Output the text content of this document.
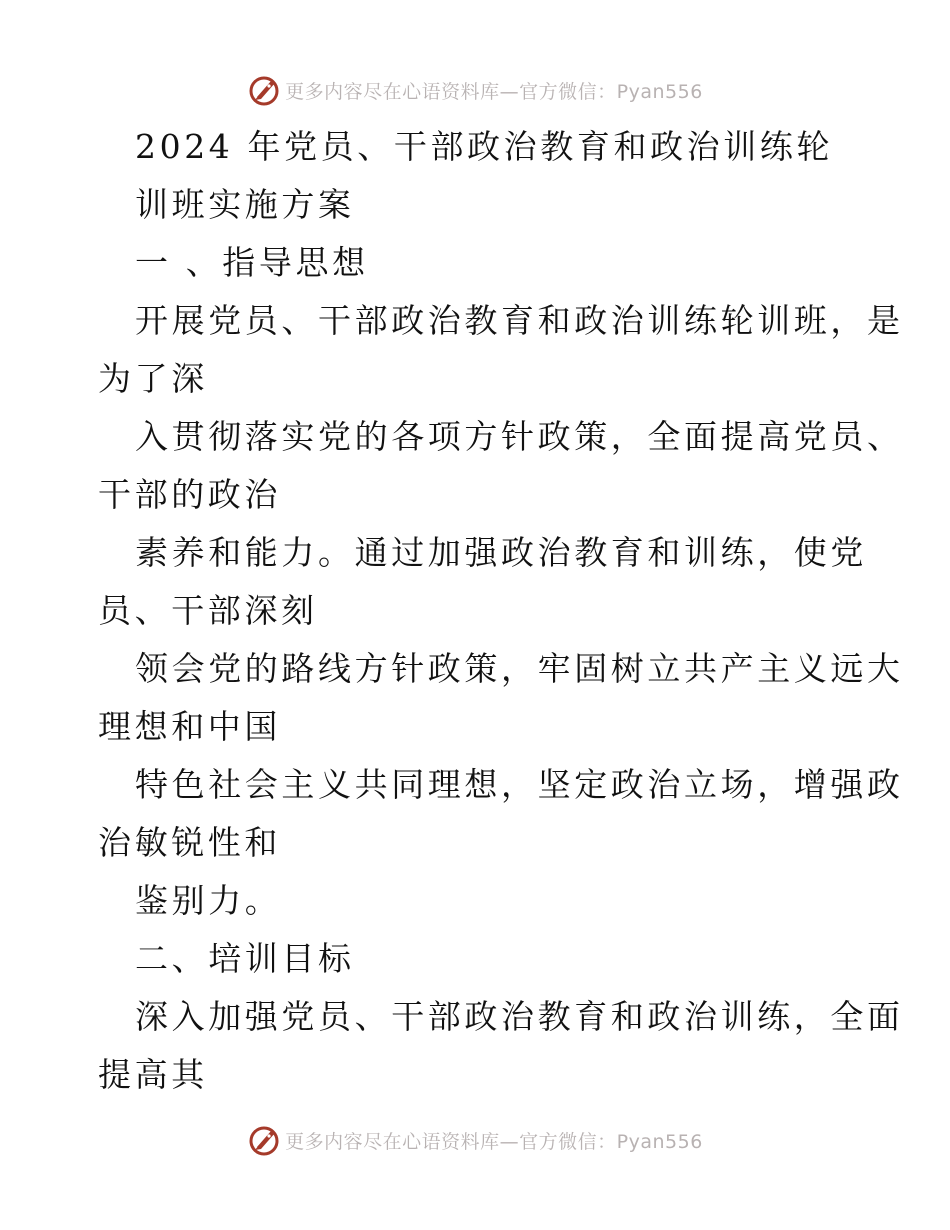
更多内容尽在心语资料库—官方微信：Pyan556
2024 年党员、干部政治教育和政治训练轮
训班实施方案
一 、指导思想
开展党员、干部政治教育和政治训练轮训班，是
为了深
入贯彻落实党的各项方针政策，全面提高党员、
干部的政治
素养和能力。通过加强政治教育和训练，使党
员、干部深刻
领会党的路线方针政策，牢固树立共产主义远大
理想和中国
特色社会主义共同理想，坚定政治立场，增强政
治敏锐性和
鉴别力。
二、培训目标
深入加强党员、干部政治教育和政治训练，全面
提高其
更多内容尽在心语资料库—官方微信：Pyan556
